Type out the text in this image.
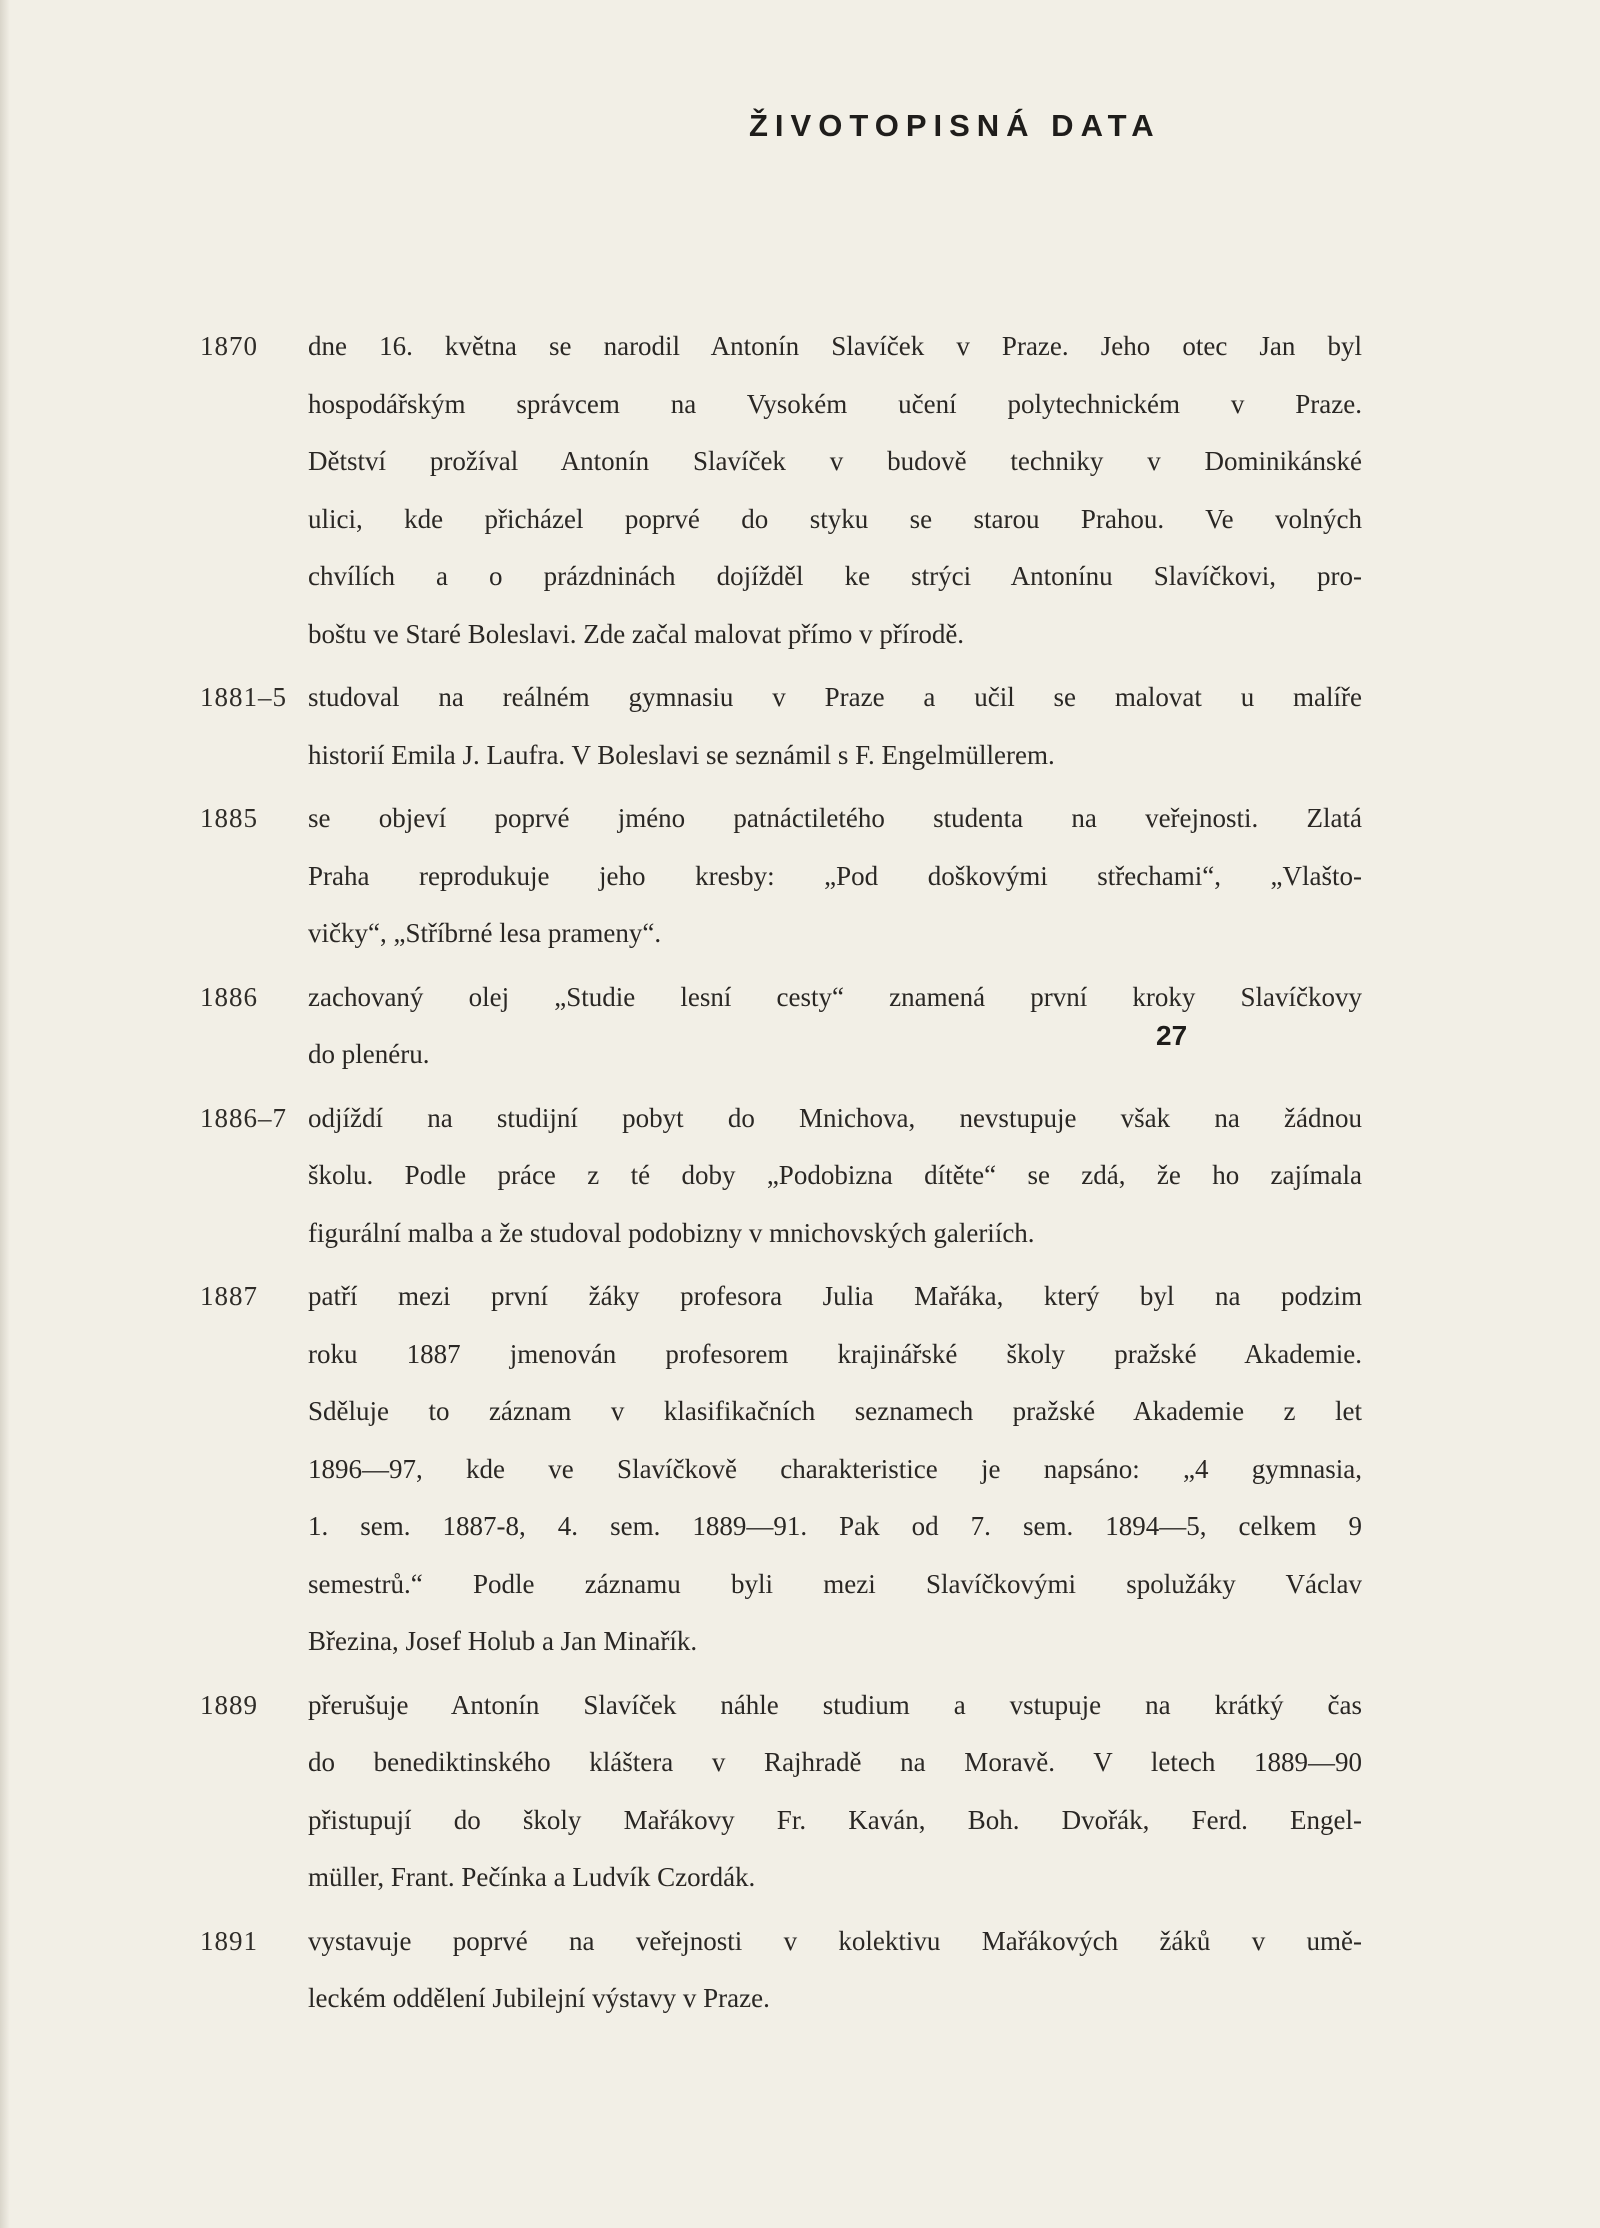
ŽIVOTOPISNÁ DATA
1870	dne 16. května se narodil Antonín Slavíček v Praze. Jeho otec Jan byl
hospodářským správcem na Vysokém učení polytechnickém v Praze.
Dětství prožíval Antonín Slavíček v budově techniky v Dominikánské
ulici, kde přicházel poprvé do styku se starou Prahou. Ve volných
chvílích a o prázdninách dojížděl ke strýci Antonínu Slavíčkovi, pro-
boštu ve Staré Boleslavi. Zde začal malovat přímo v přírodě.
1881–5 studoval na reálném gymnasiu v Praze a učil se malovat u malíře
historií Emila J. Laufra. V Boleslavi se seznámil s F. Engelmüllerem.
1885	se objeví poprvé jméno patnáctiletého studenta na veřejnosti. Zlatá
Praha reprodukuje jeho kresby: „Pod doškovými střechami“, „Vlašto-
vičky“, „Stříbrné lesa prameny“.
1886	zachovaný olej „Studie lesní cesty“ znamená první kroky Slavíčkovy
do plenéru.
1886–7 odjíždí na studijní pobyt do Mnichova, nevstupuje však na žádnou
školu. Podle práce z té doby „Podobizna dítěte“ se zdá, že ho zajímala
figurální malba a že studoval podobizny v mnichovských galeriích.
1887	patří mezi první žáky profesora Julia Mařáka, který byl na podzim
roku 1887 jmenován profesorem krajinářské školy pražské Akademie.
Sděluje to záznam v klasifikačních seznamech pražské Akademie z let
1896—97, kde ve Slavíčkově charakteristice je napsáno: „4 gymnasia,
1. sem. 1887-8, 4. sem. 1889—91. Pak od 7. sem. 1894—5, celkem 9
semestrů.“ Podle záznamu byli mezi Slavíčkovými spolužáky Václav
Březina, Josef Holub a Jan Minařík.
1889	přerušuje Antonín Slavíček náhle studium a vstupuje na krátký čas
do benediktinského kláštera v Rajhradě na Moravě. V letech 1889—90
přistupují do školy Mařákovy Fr. Kaván, Boh. Dvořák, Ferd. Engel-
müller, Frant. Pečínka a Ludvík Czordák.
1891	vystavuje poprvé na veřejnosti v kolektivu Mařákových žáků v umě-
leckém oddělení Jubilejní výstavy v Praze.
27
